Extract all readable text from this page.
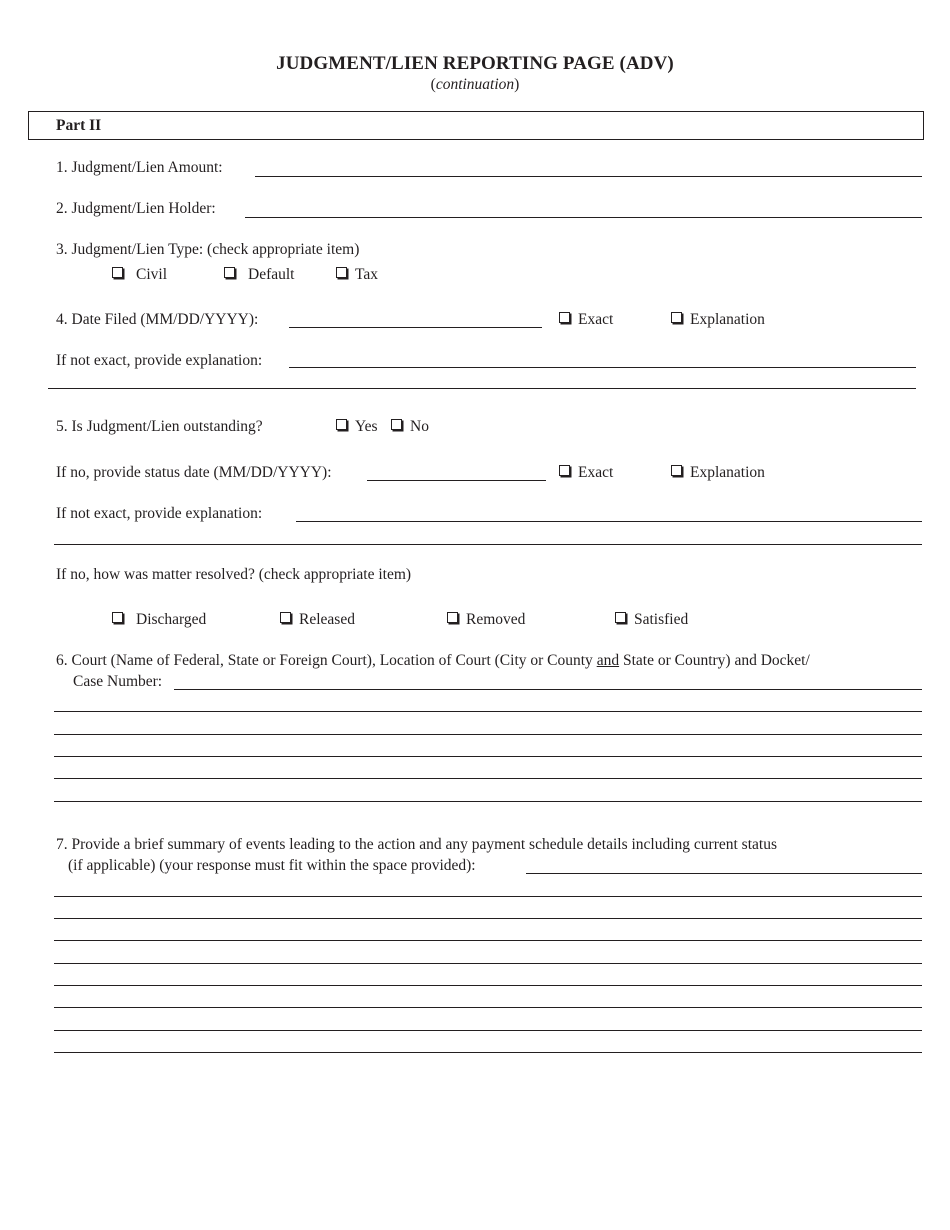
JUDGMENT/LIEN REPORTING PAGE (ADV)
(continuation)
Part II
1. Judgment/Lien Amount:
2. Judgment/Lien Holder:
3. Judgment/Lien Type: (check appropriate item)
Civil	Default	Tax
4. Date Filed (MM/DD/YYYY):	Exact	Explanation
If not exact, provide explanation:
5. Is Judgment/Lien outstanding?	Yes No
If no, provide status date (MM/DD/YYYY):	Exact	Explanation
If not exact, provide explanation:
If no, how was matter resolved? (check appropriate item)
Discharged	Released	Removed	Satisfied
6. Court (Name of Federal, State or Foreign Court), Location of Court (City or County and State or Country) and Docket/
Case Number:
7. Provide a brief summary of events leading to the action and any payment schedule details including current status
(if applicable) (your response must fit within the space provided):
